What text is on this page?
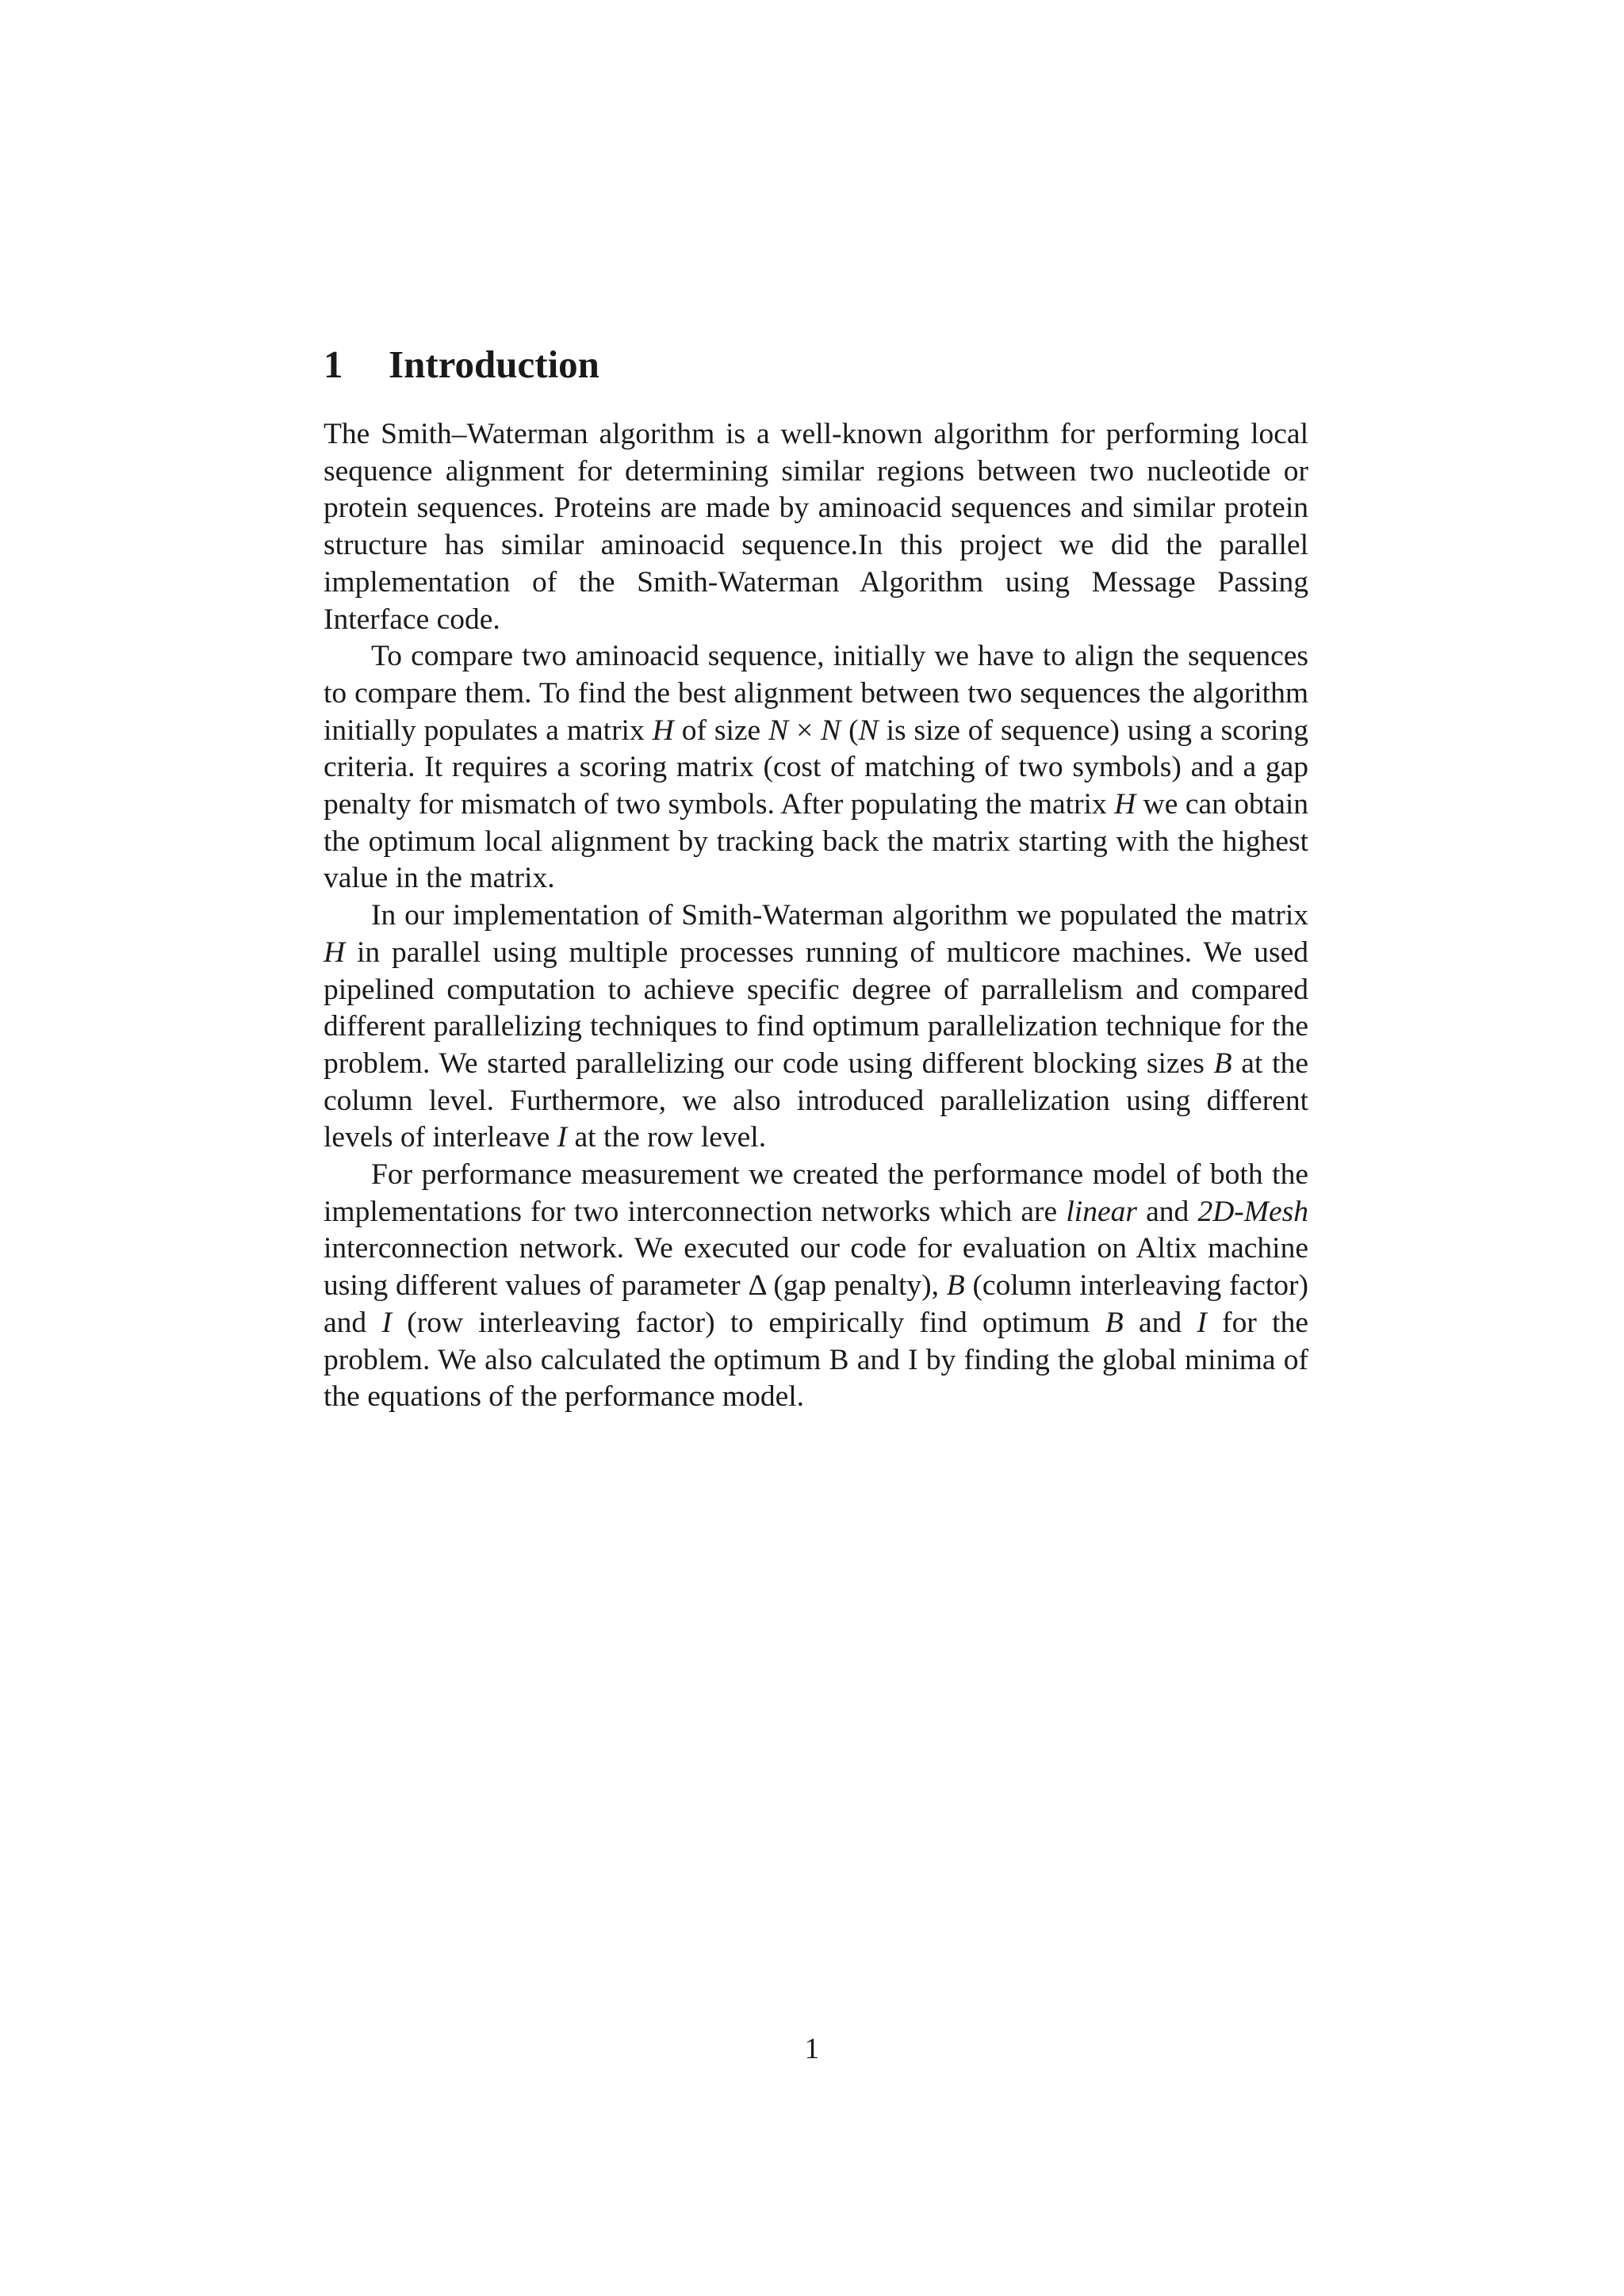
1 Introduction

The Smith–Waterman algorithm is a well-known algorithm for performing local sequence alignment for determining similar regions between two nucleotide or protein sequences. Proteins are made by aminoacid sequences and similar protein structure has similar aminoacid sequence.In this project we did the parallel implementation of the Smith-Waterman Algorithm using Message Passing Interface code.

To compare two aminoacid sequence, initially we have to align the sequences to compare them. To find the best alignment between two sequences the algorithm initially populates a matrix H of size N × N (N is size of sequence) using a scoring criteria. It requires a scoring matrix (cost of matching of two symbols) and a gap penalty for mismatch of two symbols. After populating the matrix H we can obtain the optimum local alignment by tracking back the matrix starting with the highest value in the matrix.

In our implementation of Smith-Waterman algorithm we populated the matrix H in parallel using multiple processes running of multicore machines. We used pipelined computation to achieve specific degree of parrallelism and compared different parallelizing techniques to find optimum parallelization technique for the problem. We started parallelizing our code using different blocking sizes B at the column level. Furthermore, we also introduced parallelization using different levels of interleave I at the row level.

For performance measurement we created the performance model of both the implementations for two interconnection networks which are linear and 2D-Mesh interconnection network. We executed our code for evaluation on Altix machine using different values of parameter Δ (gap penalty), B (column interleaving factor) and I (row interleaving factor) to empirically find optimum B and I for the problem. We also calculated the optimum B and I by finding the global minima of the equations of the performance model.

1
